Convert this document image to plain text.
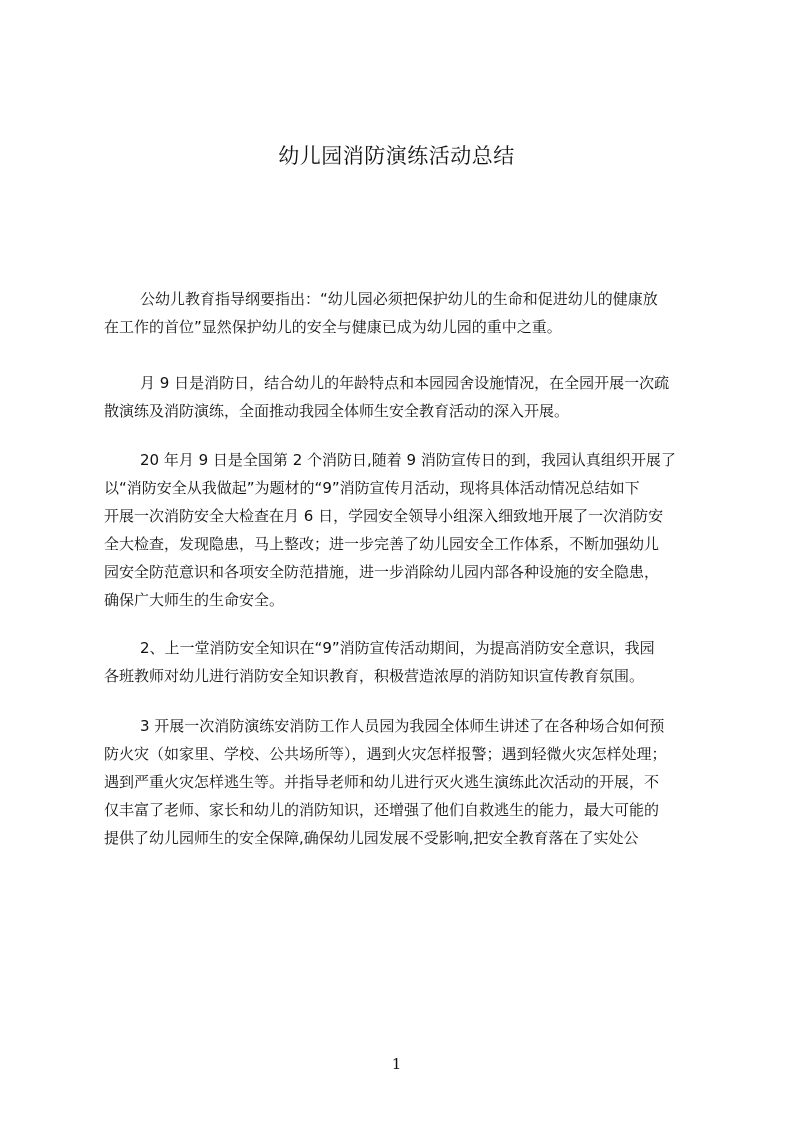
幼儿园消防演练活动总结
公幼儿教育指导纲要指出：“幼儿园必须把保护幼儿的生命和促进幼儿的健康放
在工作的首位”显然保护幼儿的安全与健康已成为幼儿园的重中之重。
月 9 日是消防日，结合幼儿的年龄特点和本园园舍设施情况，在全园开展一次疏
散演练及消防演练，全面推动我园全体师生安全教育活动的深入开展。
20 年月 9 日是全国第 2 个消防日,随着 9 消防宣传日的到，我园认真组织开展了
以“消防安全从我做起”为题材的“9”消防宣传月活动，现将具体活动情况总结如下
开展一次消防安全大检查在月 6 日，学园安全领导小组深入细致地开展了一次消防安
全大检查，发现隐患，马上整改；进一步完善了幼儿园安全工作体系，不断加强幼儿
园安全防范意识和各项安全防范措施，进一步消除幼儿园内部各种设施的安全隐患，
确保广大师生的生命安全。
2、上一堂消防安全知识在“9”消防宣传活动期间，为提高消防安全意识，我园
各班教师对幼儿进行消防安全知识教育，积极营造浓厚的消防知识宣传教育氛围。
3 开展一次消防演练安消防工作人员园为我园全体师生讲述了在各种场合如何预
防火灾（如家里、学校、公共场所等），遇到火灾怎样报警；遇到轻微火灾怎样处理；
遇到严重火灾怎样逃生等。并指导老师和幼儿进行灭火逃生演练此次活动的开展，不
仅丰富了老师、家长和幼儿的消防知识，还增强了他们自救逃生的能力，最大可能的
提供了幼儿园师生的安全保障,确保幼儿园发展不受影响,把安全教育落在了实处公
1
